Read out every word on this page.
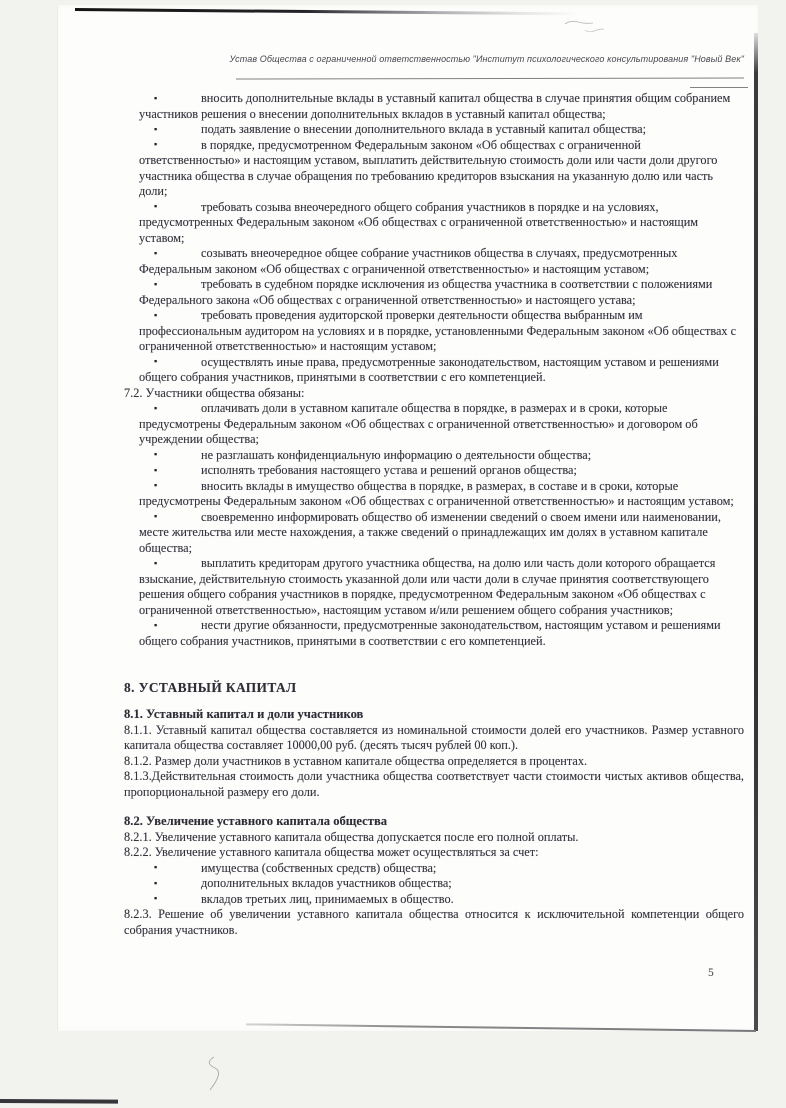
Устав Общества с ограниченной ответственностью "Институт психологического консультирования "Новый Век"
▪	вносить дополнительные вклады в уставный капитал общества в случае принятия общим собранием участников решения о внесении дополнительных вкладов в уставный капитал общества;
▪	подать заявление о внесении дополнительного вклада в уставный капитал общества;
▪	в порядке, предусмотренном Федеральным законом «Об обществах с ограниченной ответственностью» и настоящим уставом, выплатить действительную стоимость доли или части доли другого участника общества в случае обращения по требованию кредиторов взыскания на указанную долю или часть доли;
▪	требовать созыва внеочередного общего собрания участников в порядке и на условиях, предусмотренных Федеральным законом «Об обществах с ограниченной ответственностью» и настоящим уставом;
▪	созывать внеочередное общее собрание участников общества в случаях, предусмотренных Федеральным законом «Об обществах с ограниченной ответственностью» и настоящим уставом;
▪	требовать в судебном порядке исключения из общества участника в соответствии с положениями Федерального закона «Об обществах с ограниченной ответственностью» и настоящего устава;
▪	требовать проведения аудиторской проверки деятельности общества выбранным им профессиональным аудитором на условиях и в порядке, установленными Федеральным законом «Об обществах с ограниченной ответственностью» и настоящим уставом;
▪	осуществлять иные права, предусмотренные законодательством, настоящим уставом и решениями общего собрания участников, принятыми в соответствии с его компетенцией.

7.2. Участники общества обязаны:

▪	оплачивать доли в уставном капитале общества в порядке, в размерах и в сроки, которые предусмотрены Федеральным законом «Об обществах с ограниченной ответственностью» и договором об учреждении общества;
▪	не разглашать конфиденциальную информацию о деятельности общества;
▪	исполнять требования настоящего устава и решений органов общества;
▪	вносить вклады в имущество общества в порядке, в размерах, в составе и в сроки, которые предусмотрены Федеральным законом «Об обществах с ограниченной ответственностью» и настоящим уставом;
▪	своевременно информировать общество об изменении сведений о своем имени или наименовании, месте жительства или месте нахождения, а также сведений о принадлежащих им долях в уставном капитале общества;
▪	выплатить кредиторам другого участника общества, на долю или часть доли которого обращается взыскание, действительную стоимость указанной доли или части доли в случае принятия соответствующего решения общего собрания участников в порядке, предусмотренном Федеральным законом «Об обществах с ограниченной ответственностью», настоящим уставом и/или решением общего собрания участников;
▪	нести другие обязанности, предусмотренные законодательством, настоящим уставом и решениями общего собрания участников, принятыми в соответствии с его компетенцией.
8. УСТАВНЫЙ КАПИТАЛ
8.1. Уставный капитал и доли участников

8.1.1. Уставный капитал общества составляется из номинальной стоимости долей его участников. Размер уставного капитала общества составляет 10000,00 руб. (десять тысяч рублей 00 коп.).

8.1.2. Размер доли участников в уставном капитале общества определяется в процентах.

8.1.3.Действительная стоимость доли участника общества соответствует части стоимости чистых активов общества, пропорциональной размеру его доли.

8.2. Увеличение уставного капитала общества

8.2.1. Увеличение уставного капитала общества допускается после его полной оплаты.

8.2.2. Увеличение уставного капитала общества может осуществляться за счет:

▪	имущества (собственных средств) общества;
▪	дополнительных вкладов участников общества;
▪	вкладов третьих лиц, принимаемых в общество.

8.2.3. Решение об увеличении уставного капитала общества относится к исключительной компетенции общего собрания участников.

5
